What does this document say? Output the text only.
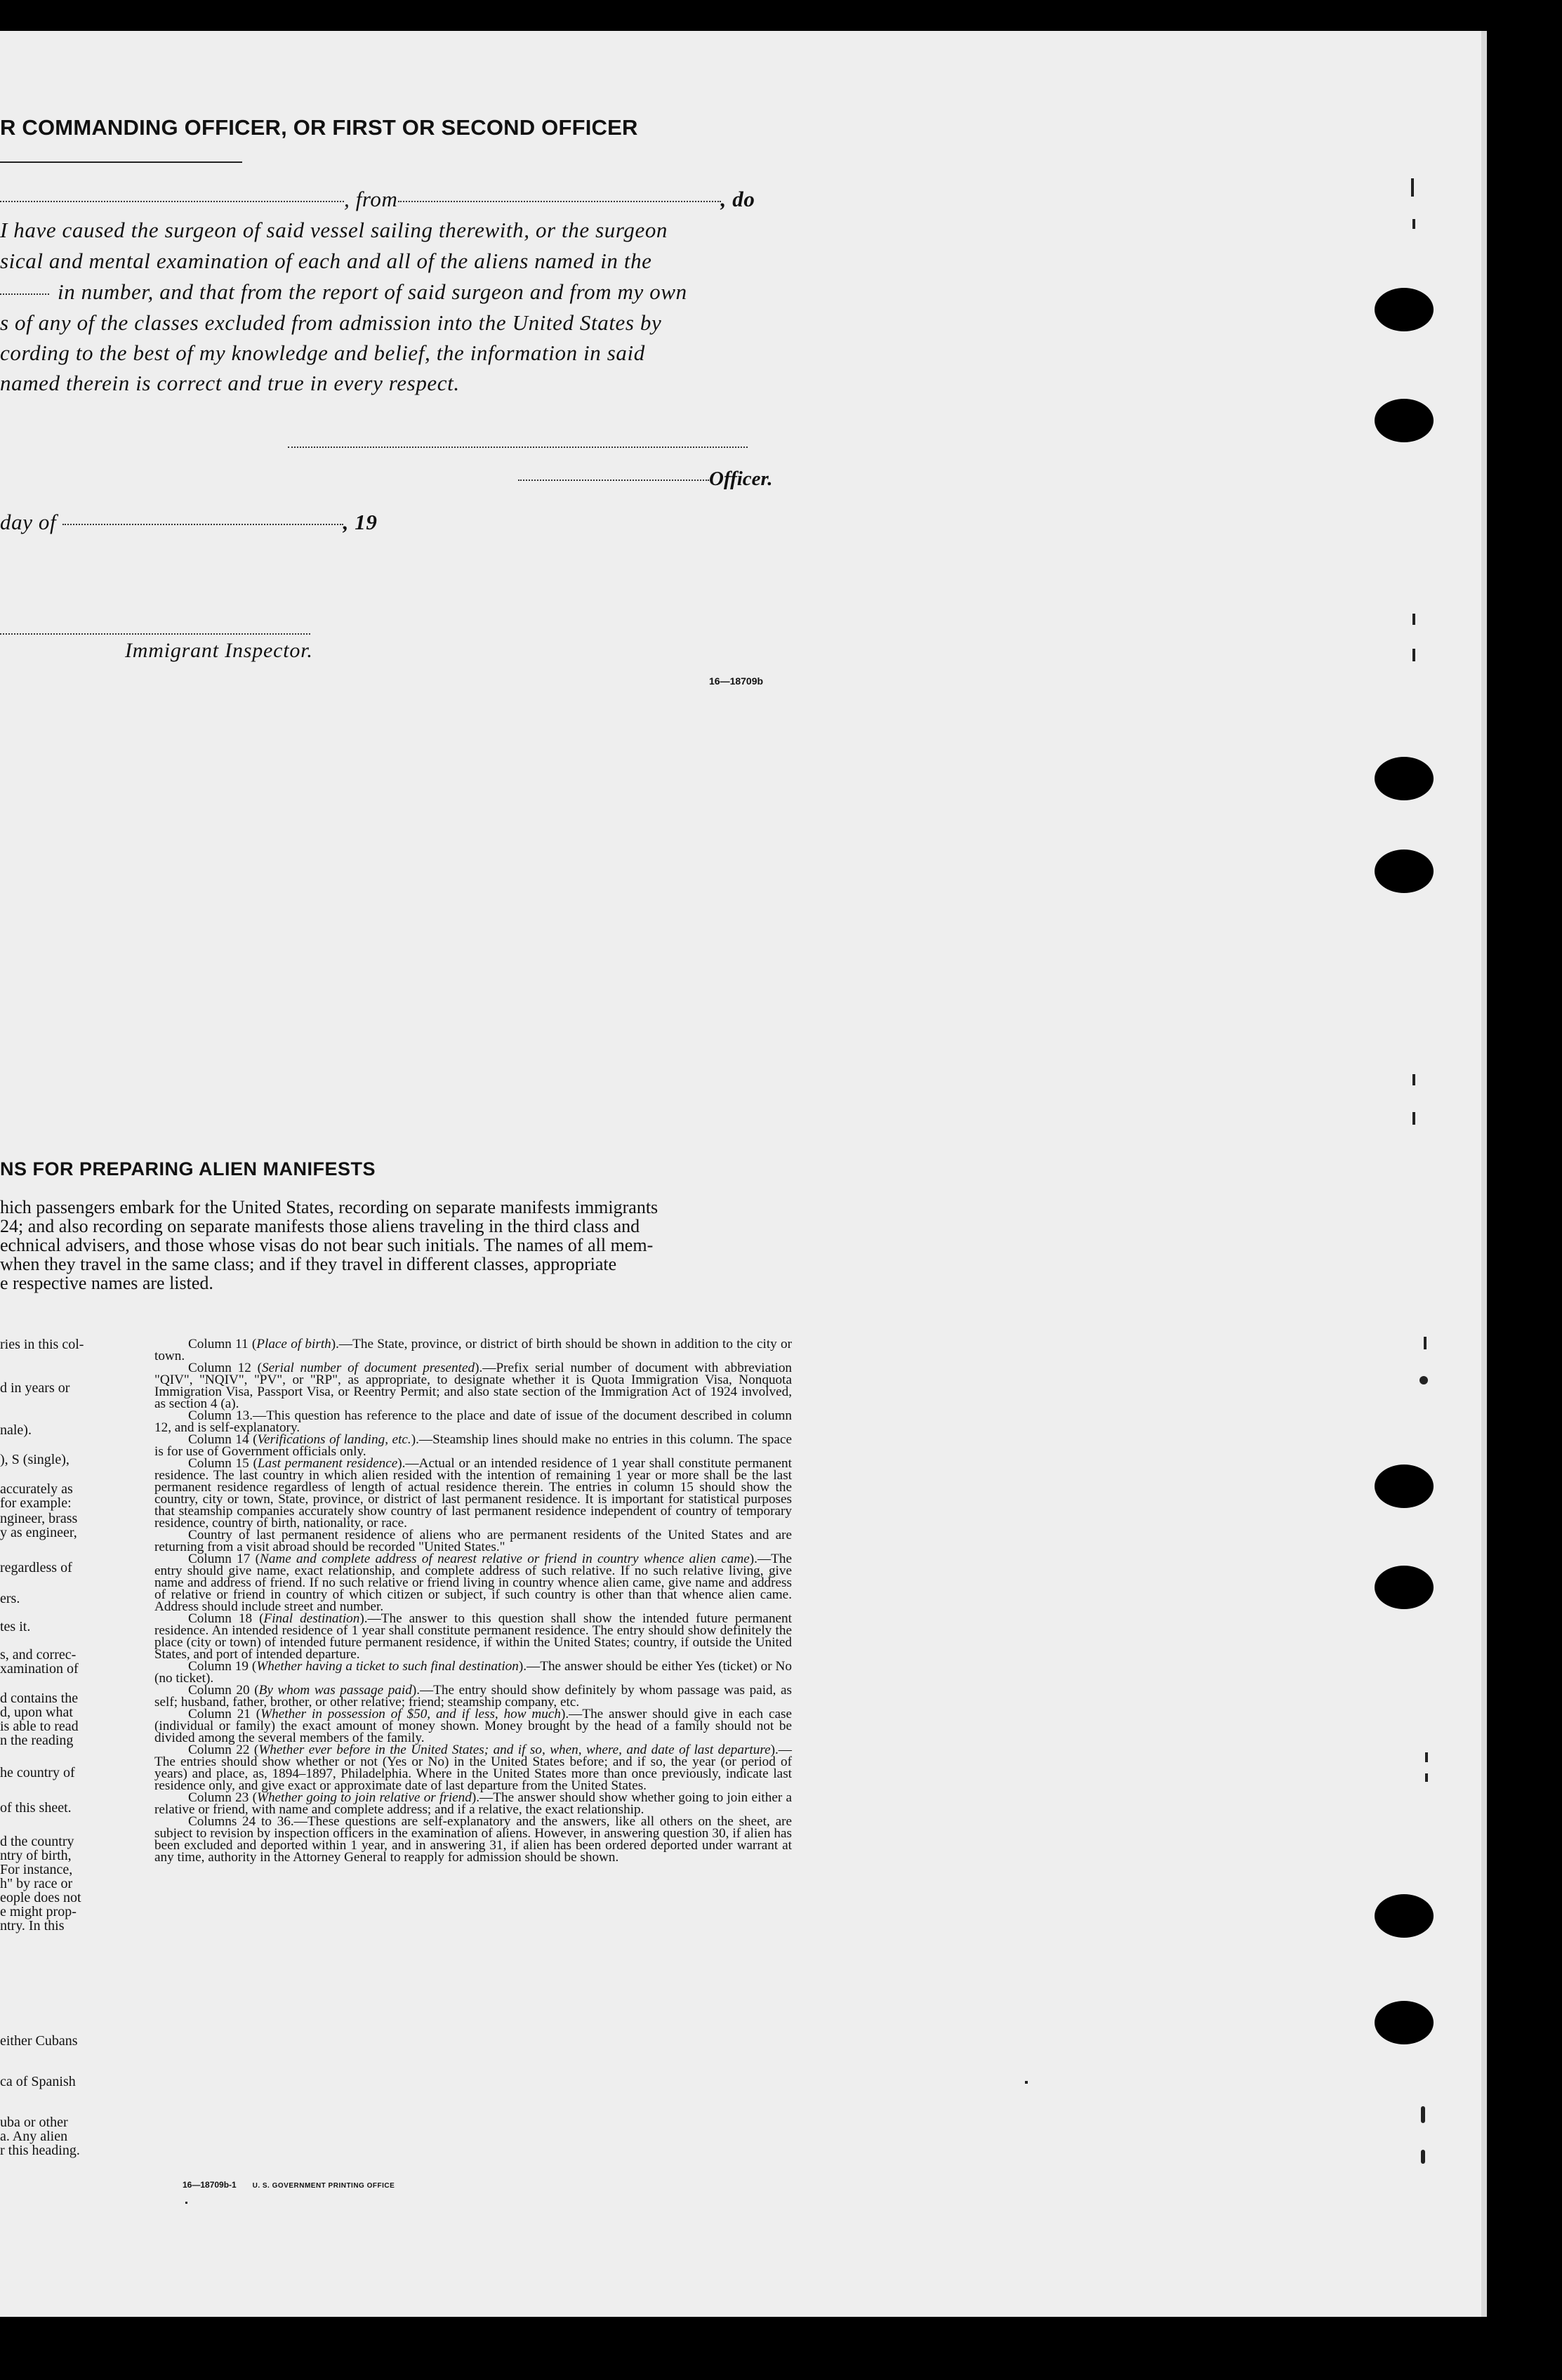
R COMMANDING OFFICER, OR FIRST OR SECOND OFFICER
, from	, do
I have caused the surgeon of said vessel sailing therewith, or the surgeon
sical and mental examination of each and all of the aliens named in the
in number, and that from the report of said surgeon and from my own
s of any of the classes excluded from admission into the United States by
cording to the best of my knowledge and belief, the information in said
named therein is correct and true in every respect.
Officer.
day of	, 19
Immigrant Inspector.
16—18709b
NS FOR PREPARING ALIEN MANIFESTS
hich passengers embark for the United States, recording on separate manifests immigrants
24; and also recording on separate manifests those aliens traveling in the third class and
echnical advisers, and those whose visas do not bear such initials. The names of all mem-
when they travel in the same class; and if they travel in different classes, appropriate
e respective names are listed.
ries in this col-
d in years or
nale).
), S (single),
accurately as
for example:
ngineer, brass
y as engineer,
regardless of
ers.
tes it.
s, and correc-
xamination of
d contains the
d, upon what
is able to read
n the reading
he country of
of this sheet.
d the country
ntry of birth,
For instance,
h" by race or
eople does not
e might prop-
ntry. In this
either Cubans
ca of Spanish
uba or other
a. Any alien
r this heading.

Column 11 (Place of birth).—The State, province, or district of birth should be shown in addition to the city or town.

Column 12 (Serial number of document presented).—Prefix serial number of document with abbreviation "QIV", "NQIV", "PV", or "RP", as appropriate, to designate whether it is Quota Immigration Visa, Nonquota Immigration Visa, Passport Visa, or Reentry Permit; and also state section of the Immigration Act of 1924 involved, as section 4 (a).

Column 13.—This question has reference to the place and date of issue of the document described in column 12, and is self-explanatory.

Column 14 (Verifications of landing, etc.).—Steamship lines should make no entries in this column. The space is for use of Government officials only.

Column 15 (Last permanent residence).—Actual or an intended residence of 1 year shall constitute permanent residence. The last country in which alien resided with the intention of remaining 1 year or more shall be the last permanent residence regardless of length of actual residence therein. The entries in column 15 should show the country, city or town, State, province, or district of last permanent residence. It is important for statistical purposes that steamship companies accurately show country of last permanent residence independent of country of temporary residence, country of birth, nationality, or race.

Country of last permanent residence of aliens who are permanent residents of the United States and are returning from a visit abroad should be recorded "United States."

Column 17 (Name and complete address of nearest relative or friend in country whence alien came).—The entry should give name, exact relationship, and complete address of such relative. If no such relative living, give name and address of friend. If no such relative or friend living in country whence alien came, give name and address of relative or friend in country of which citizen or subject, if such country is other than that whence alien came. Address should include street and number.

Column 18 (Final destination).—The answer to this question shall show the intended future permanent residence. An intended residence of 1 year shall constitute permanent residence. The entry should show definitely the place (city or town) of intended future permanent residence, if within the United States; country, if outside the United States, and port of intended departure.

Column 19 (Whether having a ticket to such final destination).—The answer should be either Yes (ticket) or No (no ticket).

Column 20 (By whom was passage paid).—The entry should show definitely by whom passage was paid, as self; husband, father, brother, or other relative; friend; steamship company, etc.

Column 21 (Whether in possession of $50, and if less, how much).—The answer should give in each case (individual or family) the exact amount of money shown. Money brought by the head of a family should not be divided among the several members of the family.

Column 22 (Whether ever before in the United States; and if so, when, where, and date of last departure).—The entries should show whether or not (Yes or No) in the United States before; and if so, the year (or period of years) and place, as, 1894–1897, Philadelphia. Where in the United States more than once previously, indicate last residence only, and give exact or approximate date of last departure from the United States.

Column 23 (Whether going to join relative or friend).—The answer should show whether going to join either a relative or friend, with name and complete address; and if a relative, the exact relationship.

Columns 24 to 36.—These questions are self-explanatory and the answers, like all others on the sheet, are subject to revision by inspection officers in the examination of aliens. However, in answering question 30, if alien has been excluded and deported within 1 year, and in answering 31, if alien has been ordered deported under warrant at any time, authority in the Attorney General to reapply for admission should be shown.

16—18709b-1 U. S. GOVERNMENT PRINTING OFFICE
